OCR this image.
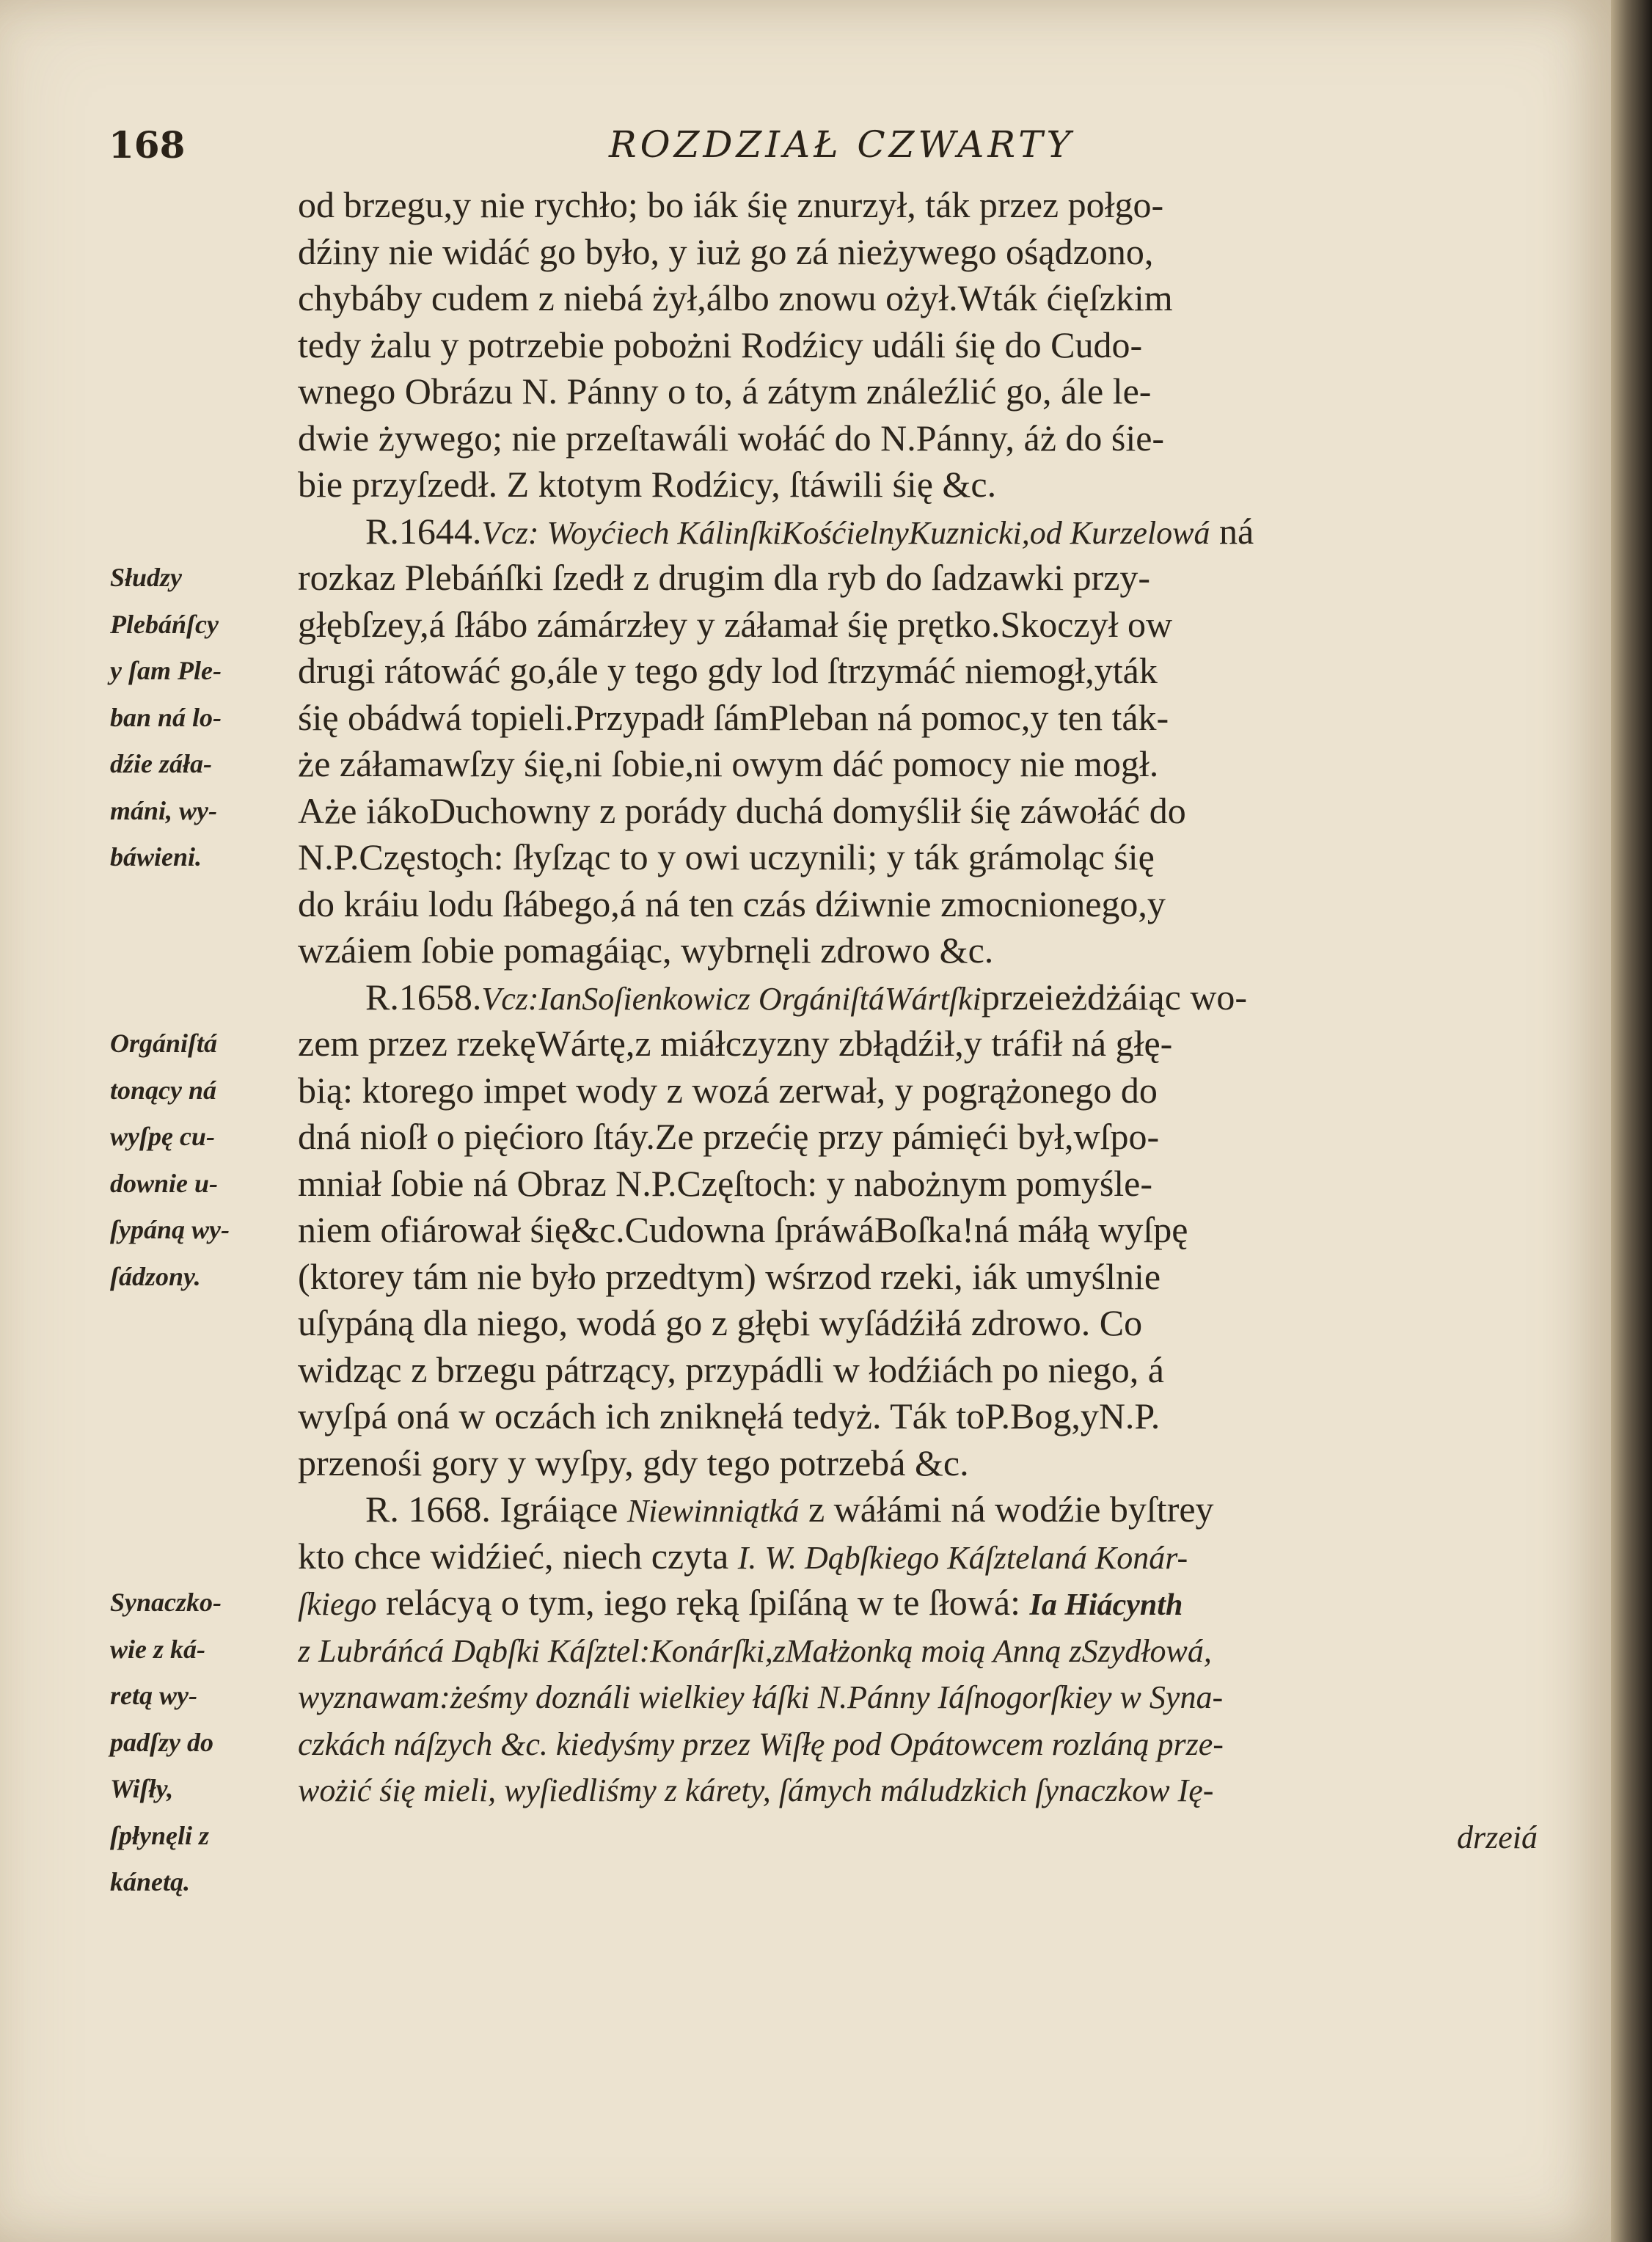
168	ROZDZIAŁ CZWARTY
od brzegu,y nie rychło; bo iák śię znurzył, ták przez połgo-
dźiny nie widáć go było, y iuż go zá nieżywego ośądzono,
chybáby cudem z niebá żył,álbo znowu ożył.Wták ćięſzkim
tedy żalu y potrzebie pobożni Rodźicy událi śię do Cudo-
wnego Obrázu N. Pánny o to, á zátym ználeźlić go, ále le-
dwie żywego; nie przeſtawáli wołáć do N.Pánny, áż do śie-
bie przyſzedł. Z ktotym Rodźicy, ſtáwili śię &c.
R.1644.Vcz: Woyćiech KálinſkiKośćielnyKuznicki,od Kurzelowá ná
rozkaz Plebáńſki ſzedł z drugim dla ryb do ſadzawki przy-
głębſzey,á ſłábo zámárzłey y záłamał śię prętko.Skoczył ow
drugi rátowáć go,ále y tego gdy lod ſtrzymáć niemogł,yták
śię obádwá topieli.Przypadł ſámPleban ná pomoc,y ten ták-
że záłamawſzy śię,ni ſobie,ni owym dáć pomocy nie mogł.
Aże iákoDuchowny z porády duchá domyślił śię záwołáć do
N.P.Często̧ch: ſłyſząc to y owi uczynili; y ták grámoląc śię
do kráiu lodu ſłábego,á ná ten czás dźiwnie zmocnionego,y
wzáiem ſobie pomagáiąc, wybrnęli zdrowo &c.
R.1658.Vcz:IanSoſienkowicz OrgániſtáWártſkiprzeieżdżáiąc wo-
zem przez rzekęWártę,z miáłczyzny zbłądźił,y tráfił ná głę-
bią: ktorego impet wody z wozá zerwał, y pogrążonego do
dná nioſł o pięćioro ſtáy.Ze przećię przy pámięći był,wſpo-
mniał ſobie ná Obraz N.P.Częſtoch: y nabożnym pomyśle-
niem ofiárował śię&c.Cudowna ſpráwáBoſka!ná máłą wyſpę
(ktorey tám nie było przedtym) wśrzod rzeki, iák umyślnie
uſypáną dla niego, wodá go z głębi wyſádźiłá zdrowo. Co
widząc z brzegu pátrzący, przypádli w łodźiách po niego, á
wyſpá oná w oczách ich zniknęłá tedyż. Ták toP.Bog,yN.P.
przenośi gory y wyſpy, gdy tego potrzebá &c.
R. 1668. Igráiące Niewinniątká z wáłámi ná wodźie byſtrey
kto chce widźieć, niech czyta I. W. Dąbſkiego Káſztelaná Konár-
ſkiego relácyą o tym, iego ręką ſpiſáną w te ſłowá: Ia Hiácynth
z Lubráńcá Dąbſki Káſztel:Konárſki,zMałżonką moią Anną zSzydłowá,
wyznawam:żeśmy doználi wielkiey łáſki N.Pánny Iáſnogorſkiey w Syna-
czkách náſzych &c. kiedyśmy przez Wiſłę pod Opátowcem rozláną prze-
wożić śię mieli, wyſiedliśmy z kárety, ſámych máludzkich ſynaczkow Ię-
drzeiá
Słudzy
Plebáńſcy
y ſam Ple-
ban ná lo-
dźie záła-
máni, wy-
báwieni.
Orgániſtá
tonący ná
wyſpę cu-
downie u-
ſypáną wy-
ſádzony.
Synaczko-
wie z ká-
retą wy-
padſzy do
Wiſły,
ſpłynęli z
kánetą.
